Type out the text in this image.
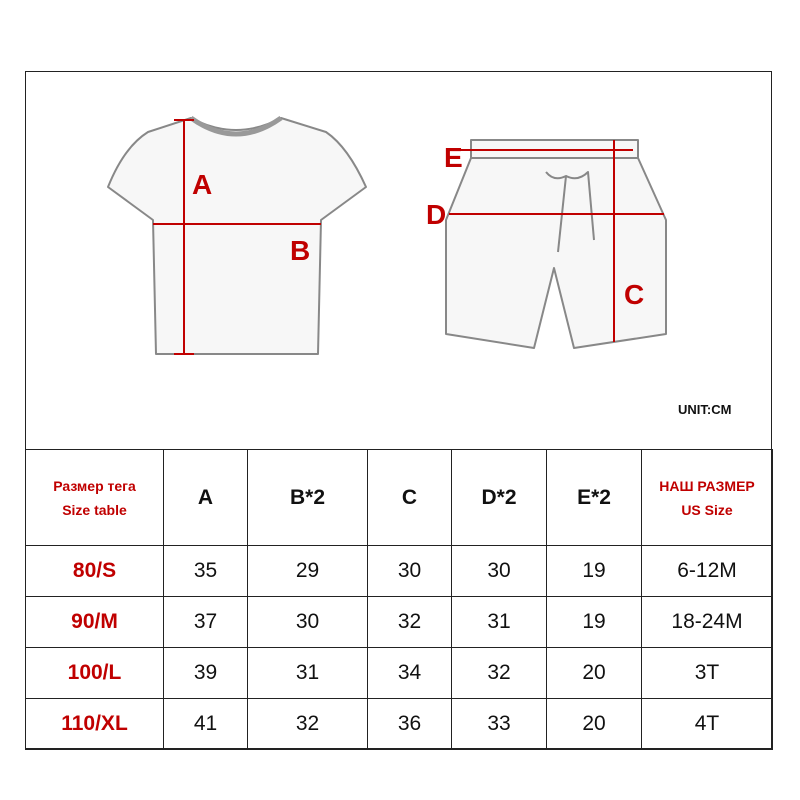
A
B
C
D
E
UNIT:CM
Размер тега
Size table	A	B*2	C	D*2	E*2	НАШ РАЗМЕР
US Size

80/S	35	29	30	30	19	6-12M
90/M	37	30	32	31	19	18-24M
100/L	39	31	34	32	20	3T
110/XL	41	32	36	33	20	4T
